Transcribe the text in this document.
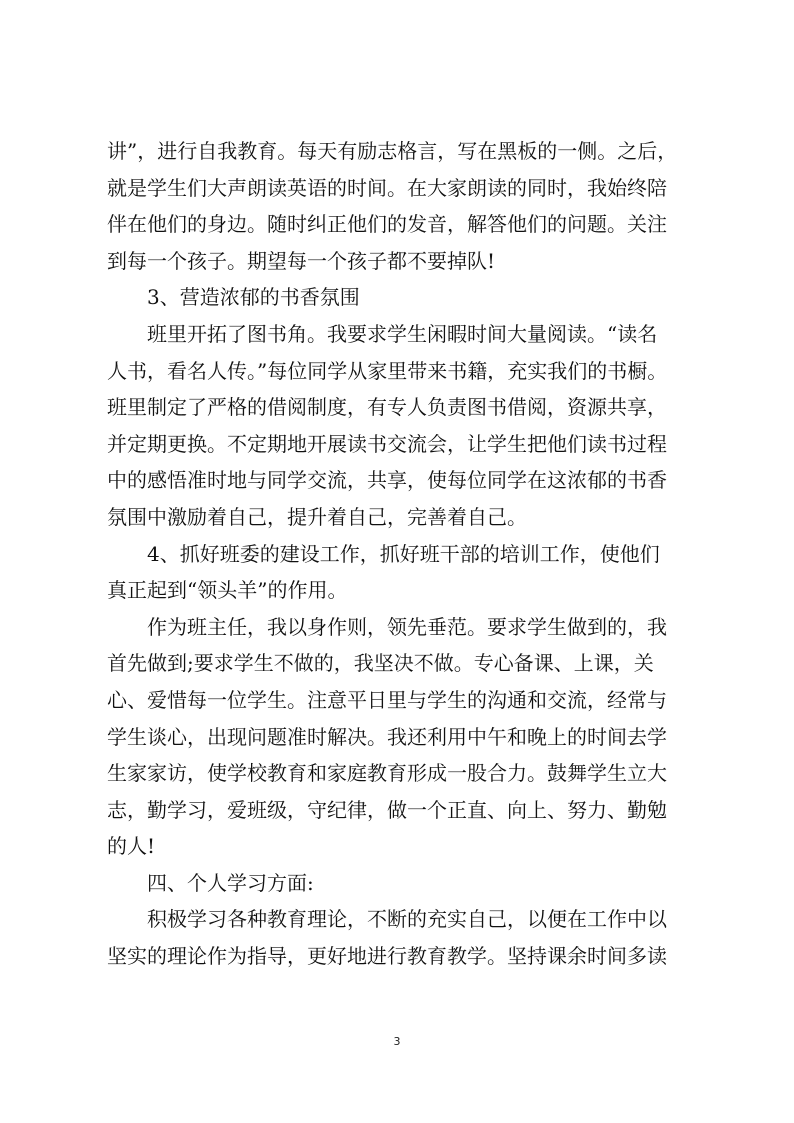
讲”，进行自我教育。每天有励志格言，写在黑板的一侧。之后，
就是学生们大声朗读英语的时间。在大家朗读的同时，我始终陪
伴在他们的身边。随时纠正他们的发音，解答他们的问题。关注
到每一个孩子。期望每一个孩子都不要掉队!
　　3、营造浓郁的书香氛围
　　班里开拓了图书角。我要求学生闲暇时间大量阅读。“读名
人书，看名人传。”每位同学从家里带来书籍，充实我们的书橱。
班里制定了严格的借阅制度，有专人负责图书借阅，资源共享，
并定期更换。不定期地开展读书交流会，让学生把他们读书过程
中的感悟准时地与同学交流，共享，使每位同学在这浓郁的书香
氛围中激励着自己，提升着自己，完善着自己。
　　4、抓好班委的建设工作，抓好班干部的培训工作，使他们
真正起到“领头羊”的作用。
　　作为班主任，我以身作则，领先垂范。要求学生做到的，我
首先做到;要求学生不做的，我坚决不做。专心备课、上课，关
心、爱惜每一位学生。注意平日里与学生的沟通和交流，经常与
学生谈心，出现问题准时解决。我还利用中午和晚上的时间去学
生家家访，使学校教育和家庭教育形成一股合力。鼓舞学生立大
志，勤学习，爱班级，守纪律，做一个正直、向上、努力、勤勉
的人!
　　四、个人学习方面:
　　积极学习各种教育理论，不断的充实自己，以便在工作中以
坚实的理论作为指导，更好地进行教育教学。坚持课余时间多读
3
